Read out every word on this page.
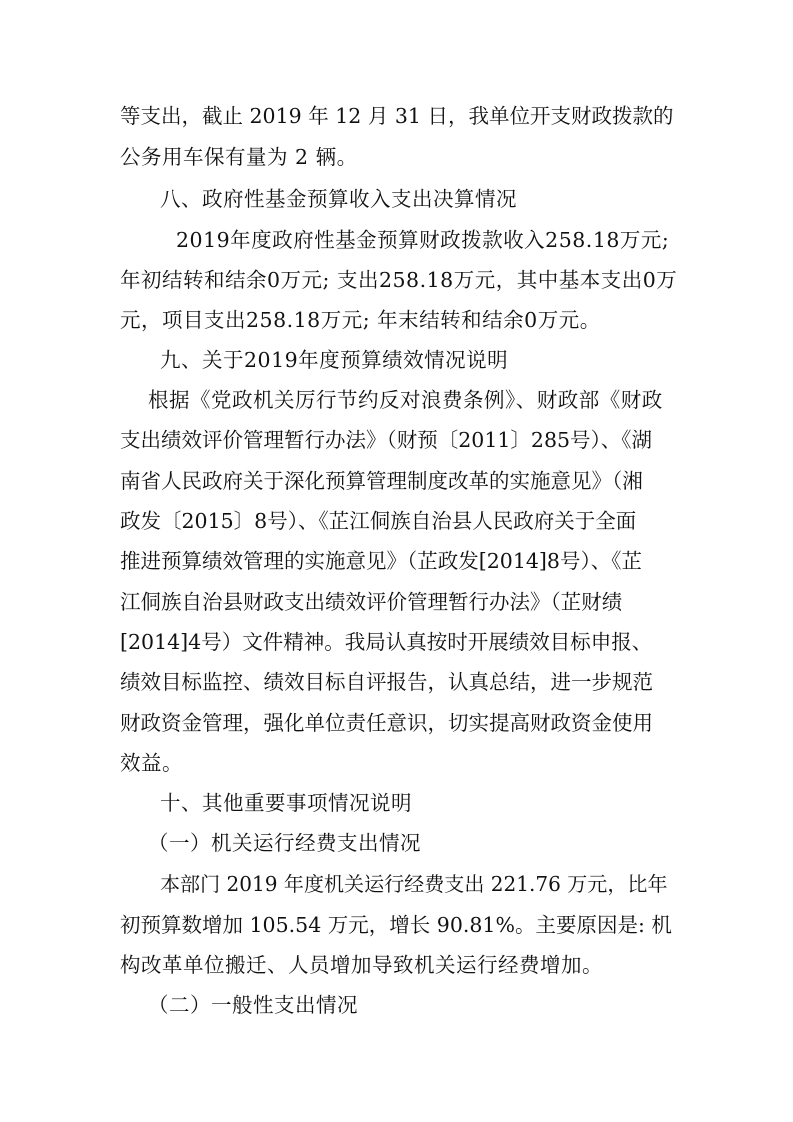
等支出，截止 2019 年 12 月 31 日，我单位开支财政拨款的

公务用车保有量为 2 辆。

八、政府性基金预算收入支出决算情况

2019年度政府性基金预算财政拨款收入258.18万元;

年初结转和结余0万元; 支出258.18万元，其中基本支出0万

元，项目支出258.18万元; 年末结转和结余0万元。

九、关于2019年度预算绩效情况说明

根据《党政机关厉行节约反对浪费条例》、财政部《财政

支出绩效评价管理暂行办法》（财预〔2011〕285号）、《湖

南省人民政府关于深化预算管理制度改革的实施意见》（湘

政发〔2015〕8号）、《芷江侗族自治县人民政府关于全面

推进预算绩效管理的实施意见》（芷政发[2014]8号）、《芷

江侗族自治县财政支出绩效评价管理暂行办法》（芷财绩

[2014]4号）文件精神。我局认真按时开展绩效目标申报、

绩效目标监控、绩效目标自评报告，认真总结，进一步规范

财政资金管理，强化单位责任意识，切实提高财政资金使用

效益。

十、其他重要事项情况说明

（一）机关运行经费支出情况

本部门 2019 年度机关运行经费支出 221.76 万元，比年

初预算数增加 105.54 万元，增长 90.81%。主要原因是: 机

构改革单位搬迁、人员增加导致机关运行经费增加。

（二）一般性支出情况
